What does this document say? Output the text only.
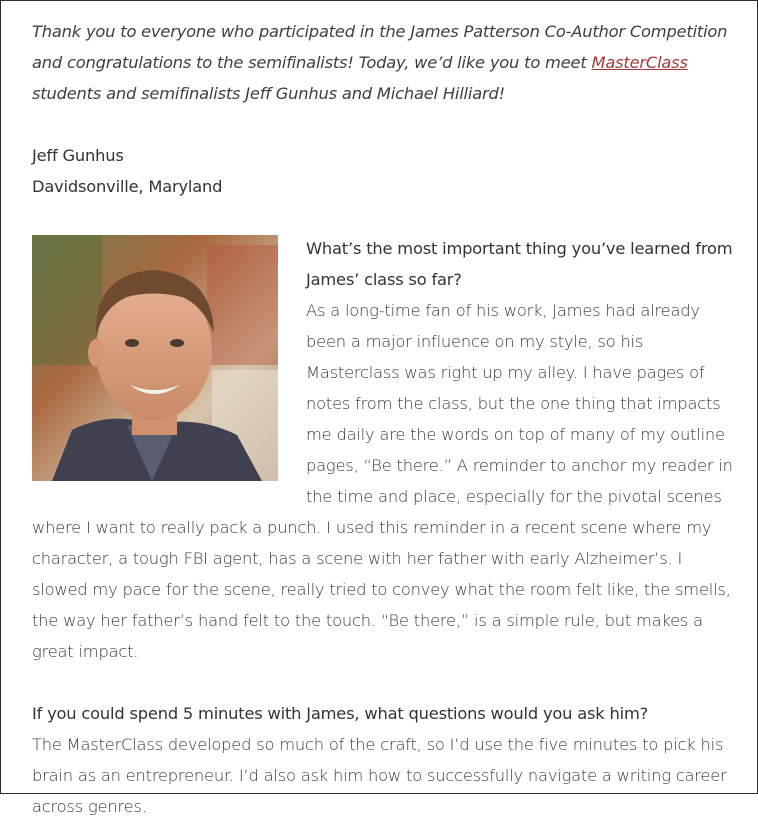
Thank you to everyone who participated in the James Patterson Co-Author Competition and congratulations to the semifinalists! Today, we’d like you to meet MasterClass students and semifinalists Jeff Gunhus and Michael Hilliard!

Jeff Gunhus
Davidsonville, Maryland

What’s the most important thing you’ve learned from James’ class so far?
As a long-time fan of his work, James had already been a major influence on my style, so his Masterclass was right up my alley. I have pages of notes from the class, but the one thing that impacts me daily are the words on top of many of my outline pages, “Be there.” A reminder to anchor my reader in the time and place, especially for the pivotal scenes where I want to really pack a punch. I used this reminder in a recent scene where my character, a tough FBI agent, has a scene with her father with early Alzheimer’s. I slowed my pace for the scene, really tried to convey what the room felt like, the smells, the way her father’s hand felt to the touch. “Be there,” is a simple rule, but makes a great impact.

If you could spend 5 minutes with James, what questions would you ask him?
The MasterClass developed so much of the craft, so I’d use the five minutes to pick his brain as an entrepreneur. I’d also ask him how to successfully navigate a writing career across genres.
